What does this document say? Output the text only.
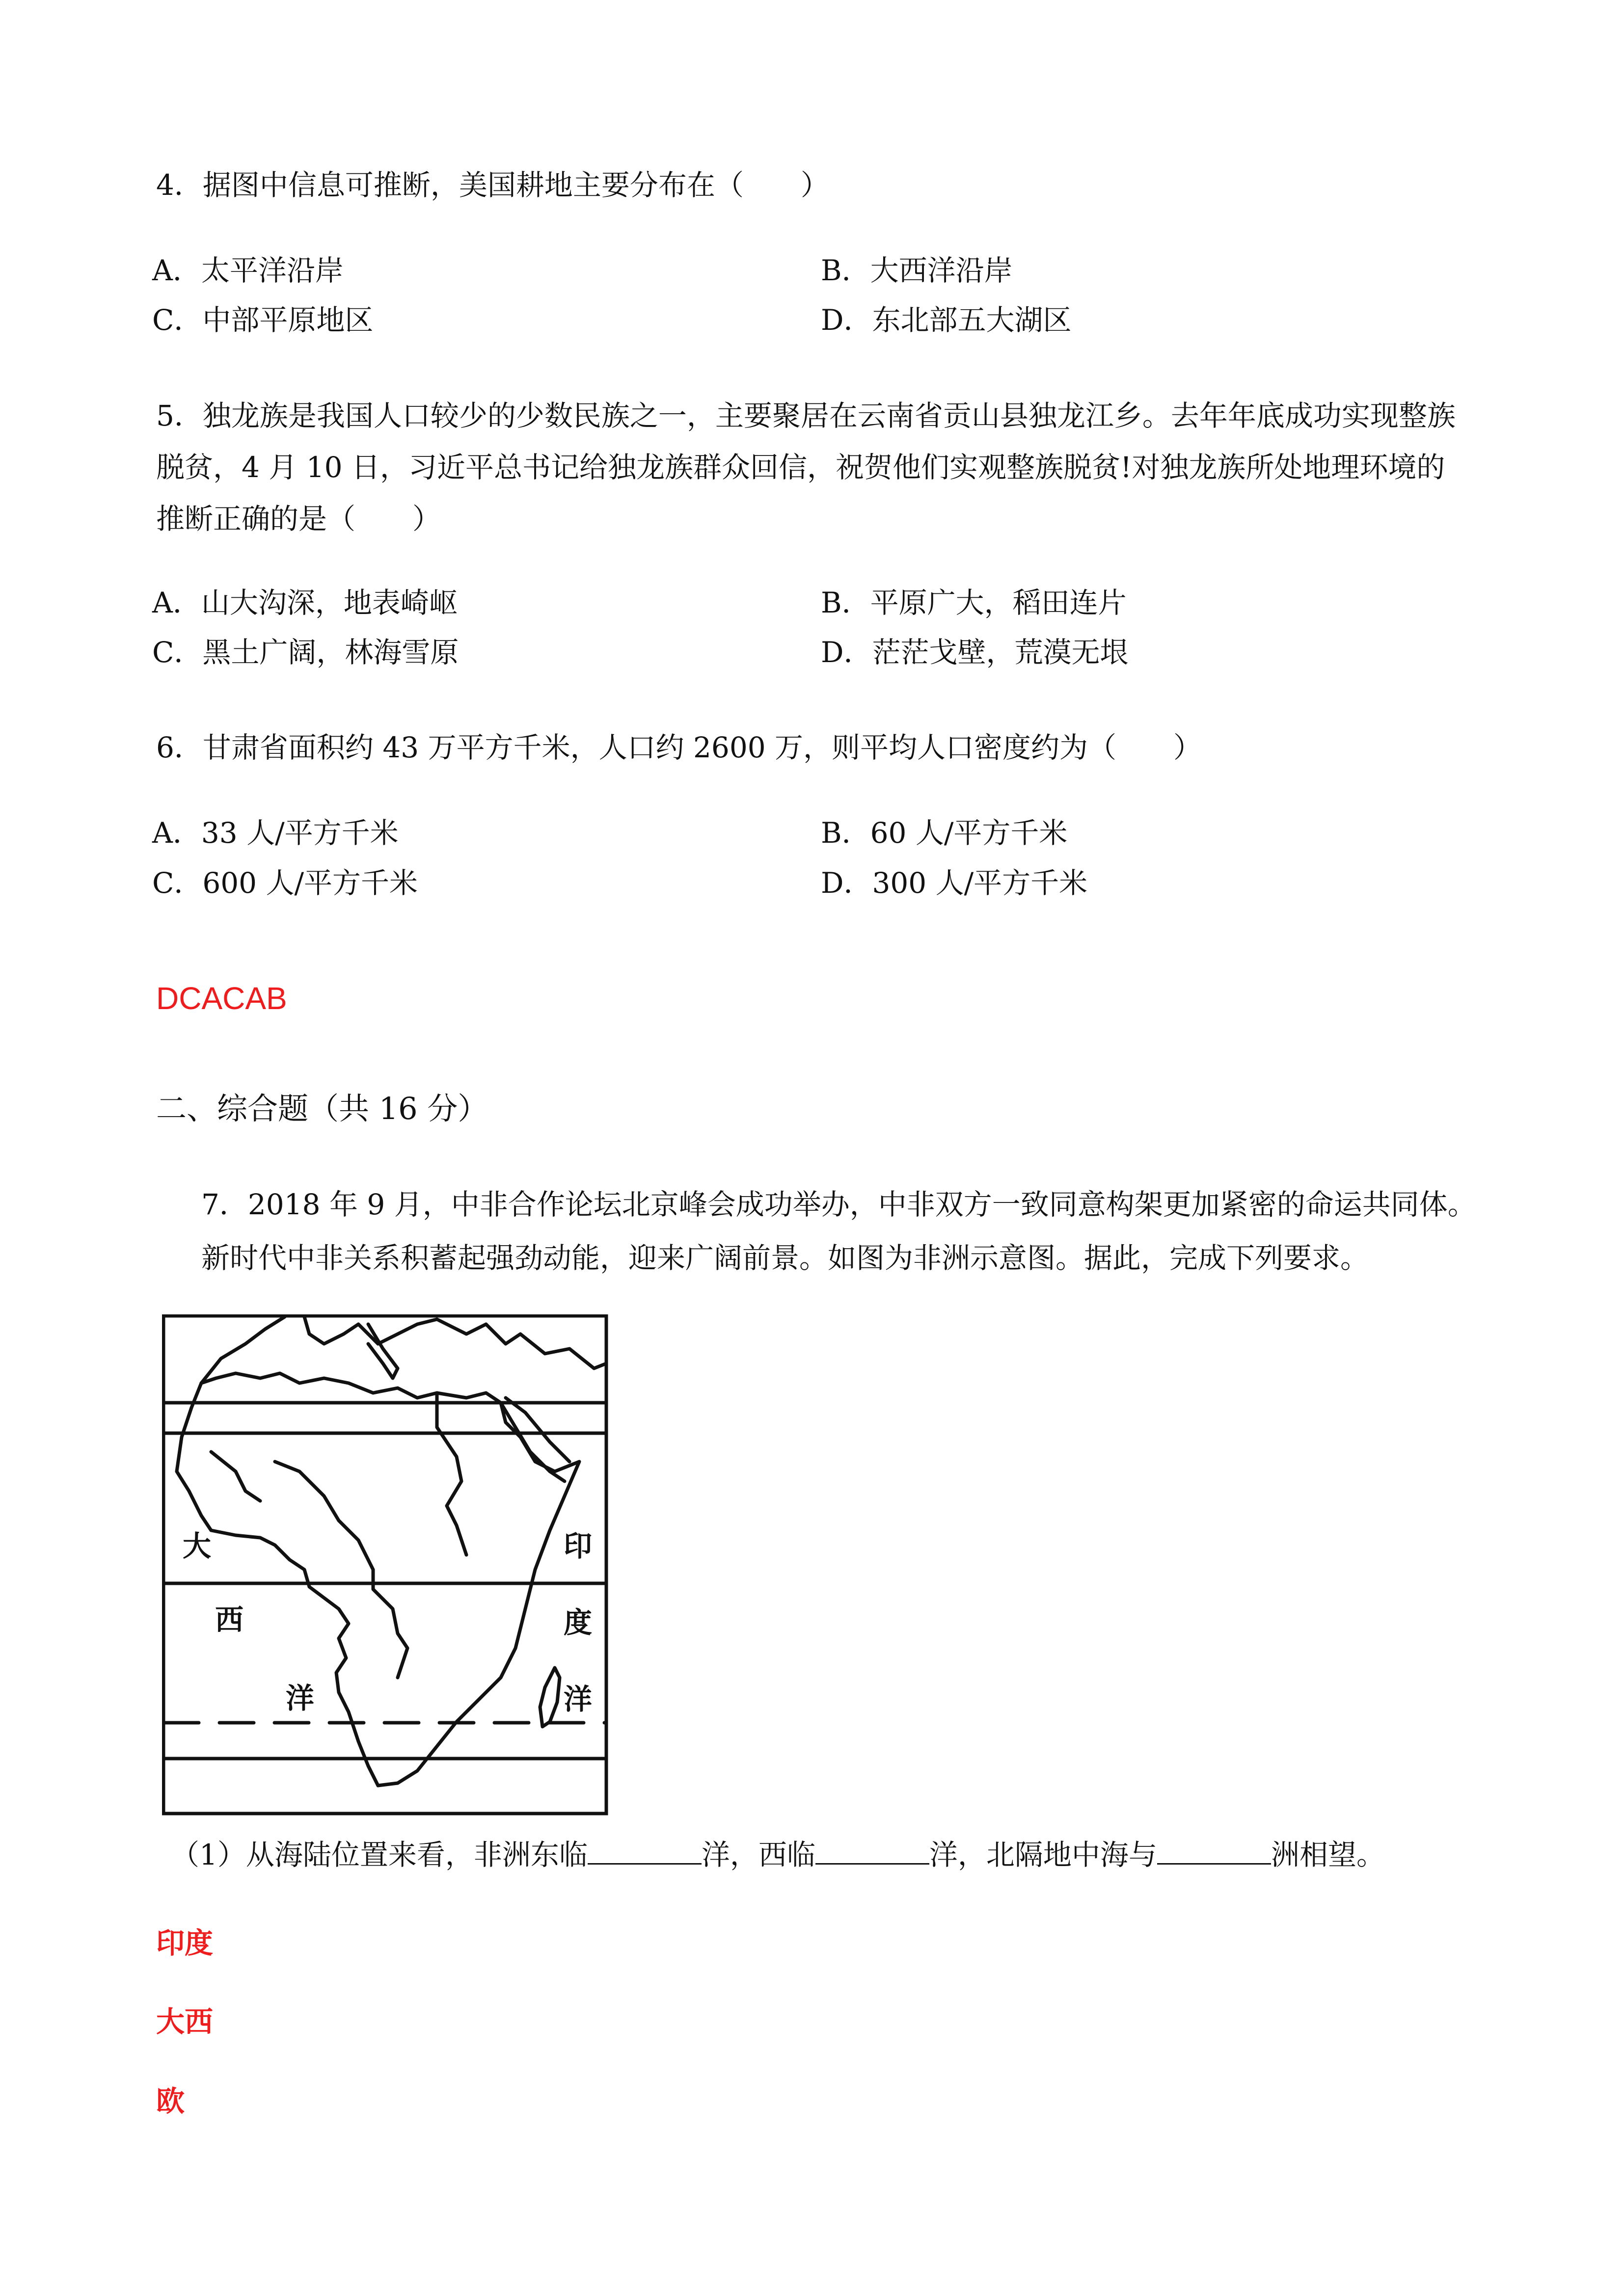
4．据图中信息可推断，美国耕地主要分布在（　　）
A．太平洋沿岸	B．大西洋沿岸
C．中部平原地区	D．东北部五大湖区
5．独龙族是我国人口较少的少数民族之一，主要聚居在云南省贡山县独龙江乡。去年年底成功实现整族
脱贫，4 月 10 日，习近平总书记给独龙族群众回信，祝贺他们实观整族脱贫!对独龙族所处地理环境的
推断正确的是（　　）
A．山大沟深，地表崎岖	B．平原广大，稻田连片
C．黑土广阔，林海雪原	D．茫茫戈壁，荒漠无垠
6．甘肃省面积约 43 万平方千米，人口约 2600 万，则平均人口密度约为（　　）
A．33 人/平方千米	B．60 人/平方千米
C．600 人/平方千米	D．300 人/平方千米
DCACAB
二、综合题（共 16 分）
7．2018 年 9 月，中非合作论坛北京峰会成功举办，中非双方一致同意构架更加紧密的命运共同体。
新时代中非关系积蓄起强劲动能，迎来广阔前景。如图为非洲示意图。据此，完成下列要求。
大
西
洋
印
度
洋
（1）从海陆位置来看，非洲东临	洋，西临	洋，北隔地中海与	洲相望。
印度
大西
欧
